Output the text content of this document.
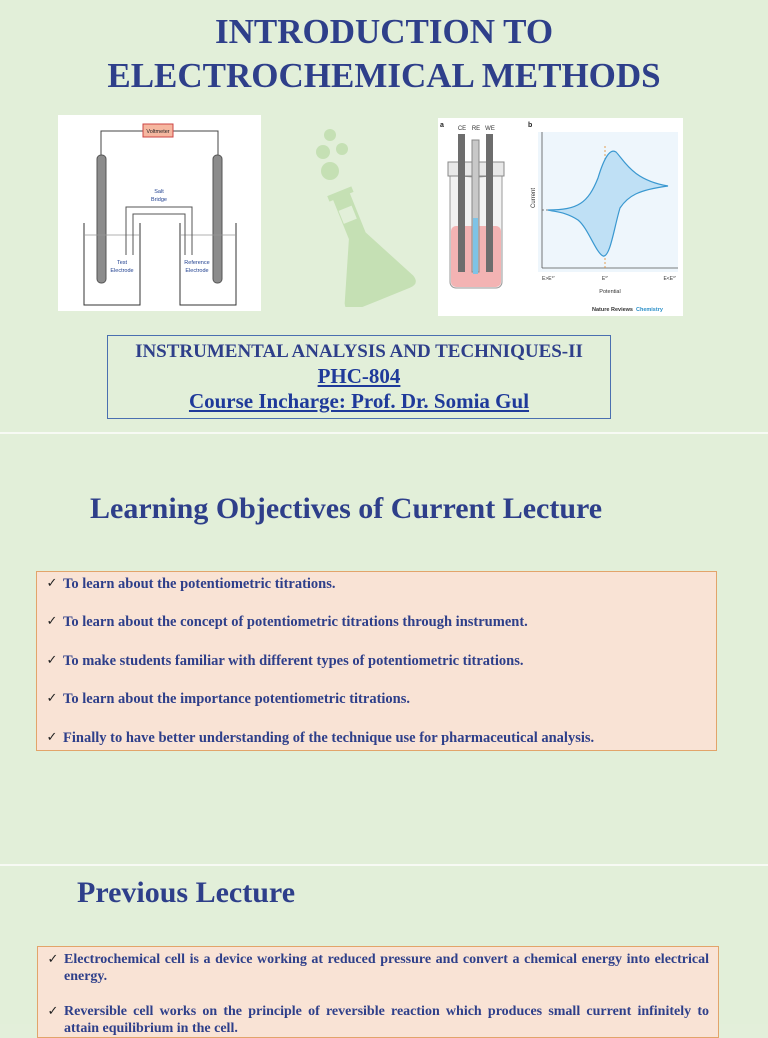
INTRODUCTION TO
ELECTROCHEMICAL METHODS
Voltmeter
Salt
Bridge
Test
Electrode
Reference
Electrode
a	b
CE RE WE
Current
Potential
E>E°'	E°'	E<E°'
Nature Reviews Chemistry
INSTRUMENTAL ANALYSIS AND TECHNIQUES-II
PHC-804
Course Incharge: Prof. Dr. Somia Gul
Learning Objectives of Current Lecture
✓ To learn about the potentiometric titrations.
✓ To learn about the concept of potentiometric titrations through instrument.
✓ To make students familiar with different types of potentiometric titrations.
✓ To learn about the importance potentiometric titrations.
✓ Finally to have better understanding of the technique use for pharmaceutical analysis.
Previous Lecture
✓ Electrochemical cell is a device working at reduced pressure and convert a chemical energy into electrical energy.
✓ Reversible cell works on the principle of reversible reaction which produces small current infinitely to attain equilibrium in the cell.
